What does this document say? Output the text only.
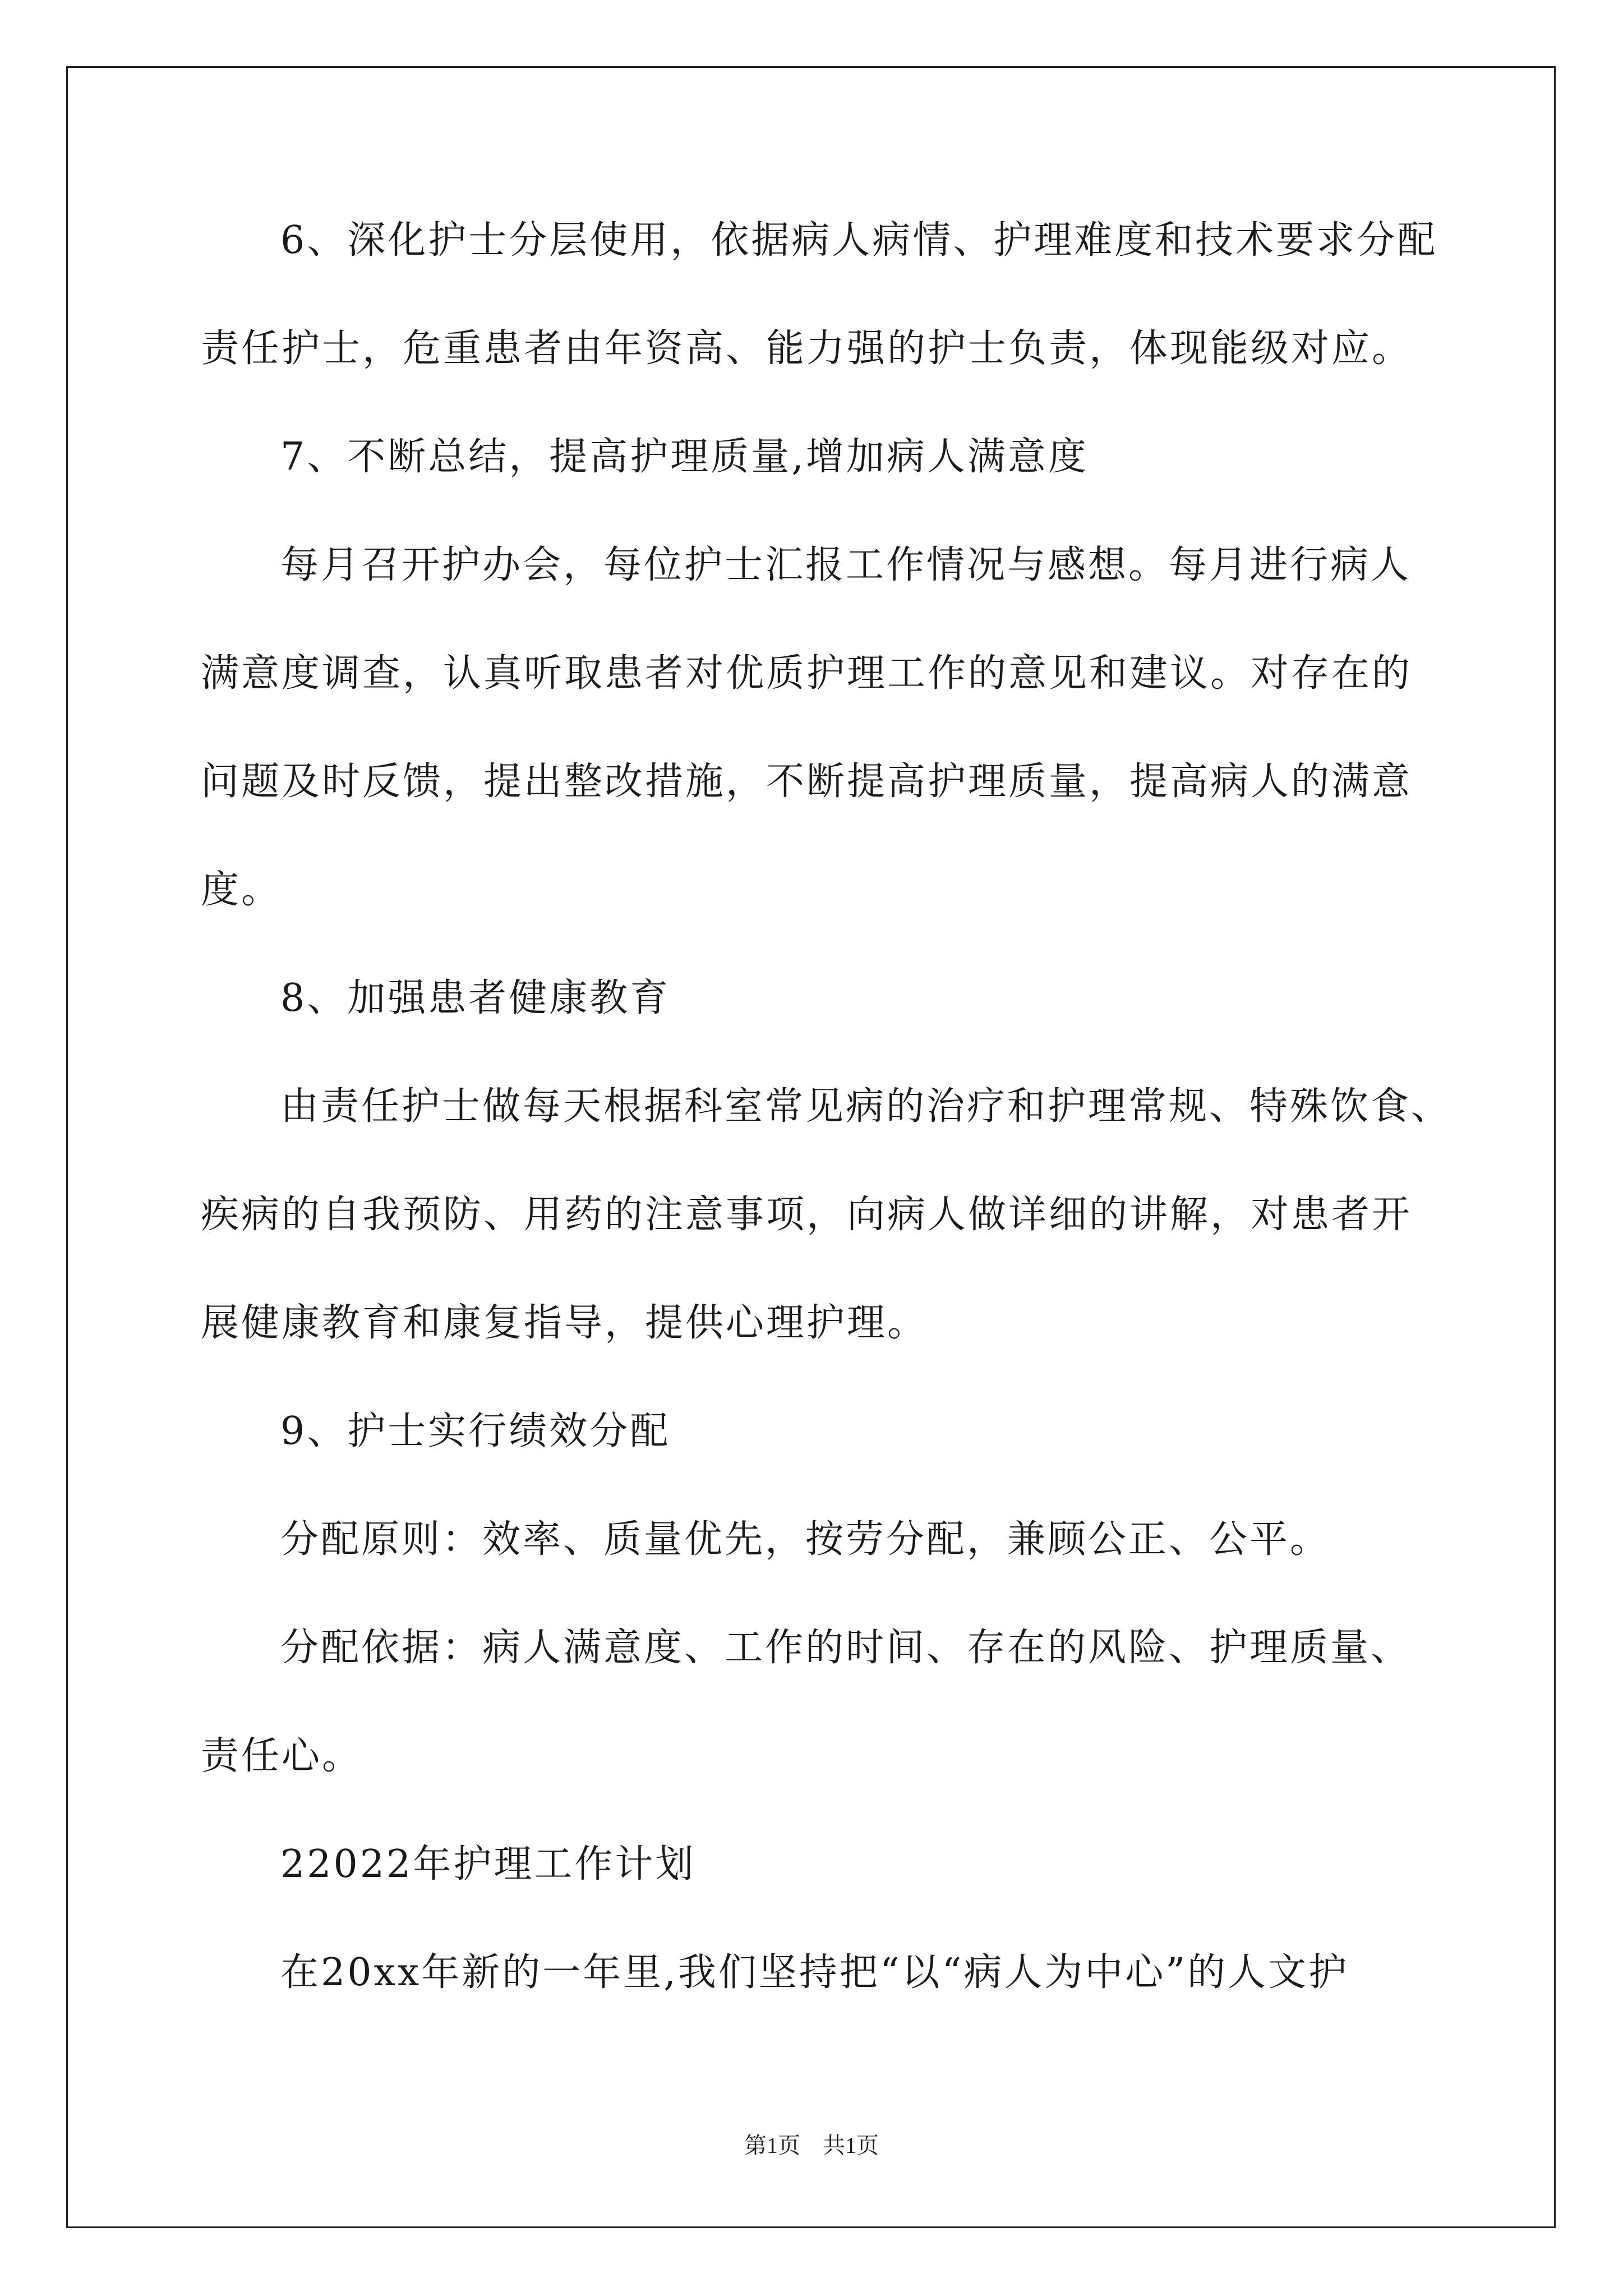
6、深化护士分层使用，依据病人病情、护理难度和技术要求分配
责任护士，危重患者由年资高、能力强的护士负责，体现能级对应。
7、不断总结，提高护理质量,增加病人满意度
每月召开护办会，每位护士汇报工作情况与感想。每月进行病人
满意度调查，认真听取患者对优质护理工作的意见和建议。对存在的
问题及时反馈，提出整改措施，不断提高护理质量，提高病人的满意
度。
8、加强患者健康教育
由责任护士做每天根据科室常见病的治疗和护理常规、特殊饮食、
疾病的自我预防、用药的注意事项，向病人做详细的讲解，对患者开
展健康教育和康复指导，提供心理护理。
9、护士实行绩效分配
分配原则：效率、质量优先，按劳分配，兼顾公正、公平。
分配依据：病人满意度、工作的时间、存在的风险、护理质量、
责任心。
22022年护理工作计划
在20xx年新的一年里,我们坚持把“以“病人为中心”的人文护
第1页　共1页
